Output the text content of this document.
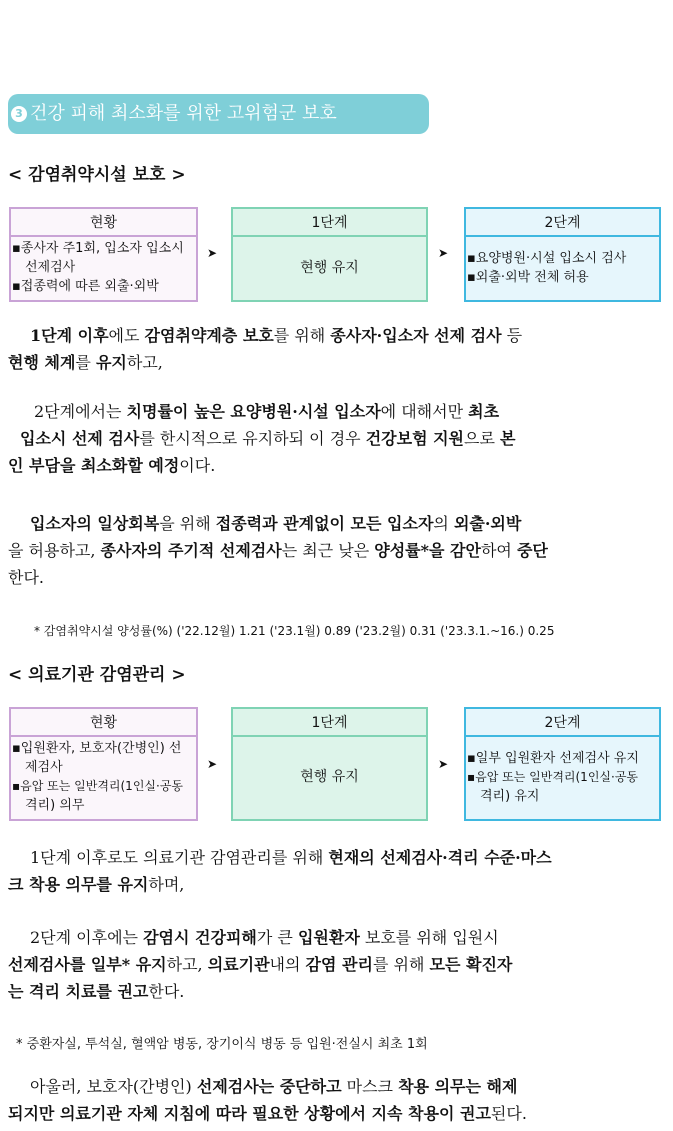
3 건강 피해 최소화를 위한 고위험군 보호
< 감염취약시설 보호 >
현황
▪종사자 주1회, 입소자 입소시
선제검사
▪접종력에 따른 외출·외박
➤
1단계
현행 유지
➤
2단계
▪요양병원·시설 입소시 검사
▪외출·외박 전체 허용
1단계 이후에도 감염취약계층 보호를 위해 종사자·입소자 선제 검사 등
현행 체계를 유지하고,
2단계에서는 치명률이 높은 요양병원·시설 입소자에 대해서만 최초
입소시 선제 검사를 한시적으로 유지하되 이 경우 건강보험 지원으로 본
인 부담을 최소화할 예정이다.
입소자의 일상회복을 위해 접종력과 관계없이 모든 입소자의 외출·외박
을 허용하고, 종사자의 주기적 선제검사는 최근 낮은 양성률*을 감안하여 중단
한다.
* 감염취약시설 양성률(%) ('22.12월) 1.21 ('23.1월) 0.89 ('23.2월) 0.31 ('23.3.1.~16.) 0.25
< 의료기관 감염관리 >
현황
▪입원환자, 보호자(간병인) 선
제검사
▪음압 또는 일반격리(1인실·공동
격리) 의무
➤
1단계
현행 유지
➤
2단계
▪일부 입원환자 선제검사 유지
▪음압 또는 일반격리(1인실·공동
격리) 유지
1단계 이후로도 의료기관 감염관리를 위해 현재의 선제검사·격리 수준·마스
크 착용 의무를 유지하며,
2단계 이후에는 감염시 건강피해가 큰 입원환자 보호를 위해 입원시
선제검사를 일부* 유지하고, 의료기관내의 감염 관리를 위해 모든 확진자
는 격리 치료를 권고한다.
* 중환자실, 투석실, 혈액암 병동, 장기이식 병동 등 입원·전실시 최초 1회
아울러, 보호자(간병인) 선제검사는 중단하고 마스크 착용 의무는 해제
되지만 의료기관 자체 지침에 따라 필요한 상황에서 지속 착용이 권고된다.
